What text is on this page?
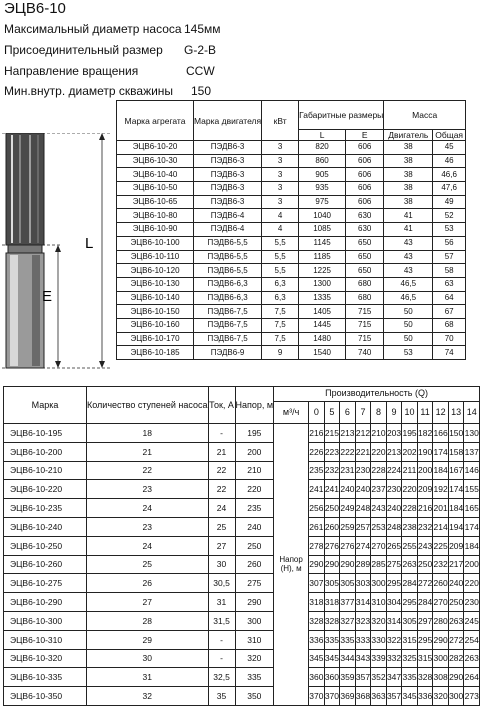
ЭЦВ6-10
Максимальный диаметр насоса 145мм
Присоединительный размер G-2-B
Направление вращения	CCW
Мин.внутр. диаметр скважины 150
L
E
Марка агрегата	Марка двигателя	кВт	Габаритные размеры		Масса	
			L	E	Двигатель	Общая
ЭЦВ6-10-20	ПЭДВ6-3	3	820	606	38	45
ЭЦВ6-10-30	ПЭДВ6-3	3	860	606	38	46
ЭЦВ6-10-40	ПЭДВ6-3	3	905	606	38	46,6
ЭЦВ6-10-50	ПЭДВ6-3	3	935	606	38	47,6
ЭЦВ6-10-65	ПЭДВ6-3	3	975	606	38	49
ЭЦВ6-10-80	ПЭДВ6-4	4	1040	630	41	52
ЭЦВ6-10-90	ПЭДВ6-4	4	1085	630	41	53
ЭЦВ6-10-100	ПЭДВ6-5,5	5,5	1145	650	43	56
ЭЦВ6-10-110	ПЭДВ6-5,5	5,5	1185	650	43	57
ЭЦВ6-10-120	ПЭДВ6-5,5	5,5	1225	650	43	58
ЭЦВ6-10-130	ПЭДВ6-6,3	6,3	1300	680	46,5	63
ЭЦВ6-10-140	ПЭДВ6-6,3	6,3	1335	680	46,5	64
ЭЦВ6-10-150	ПЭДВ6-7,5	7,5	1405	715	50	67
ЭЦВ6-10-160	ПЭДВ6-7,5	7,5	1445	715	50	68
ЭЦВ6-10-170	ПЭДВ6-7,5	7,5	1480	715	50	70
ЭЦВ6-10-185	ПЭДВ6-9	9	1540	740	53	74
Марка	Количество ступеней насоса	Ток, А	Напор, м	Производительность (Q)											
				м³/ч	0	5	6	7	8	9	10	11	12	13	14
ЭЦВ6-10-195	18	-	195	Напор (Н), м	216	215	213	212	210	203	195	182	166	150	130
ЭЦВ6-10-200	21	21	200		226	223	222	221	220	213	202	190	174	158	137
ЭЦВ6-10-210	22	22	210		235	232	231	230	228	224	211	200	184	167	146
ЭЦВ6-10-220	23	22	220		241	241	240	240	237	230	220	209	192	174	155
ЭЦВ6-10-235	24	24	235		256	250	249	248	243	240	228	216	201	184	165
ЭЦВ6-10-240	23	25	240		261	260	259	257	253	248	238	232	214	194	174
ЭЦВ6-10-250	24	27	250		278	276	276	274	270	265	255	243	225	209	184
ЭЦВ6-10-260	25	30	260		290	290	290	289	285	275	263	250	232	217	200
ЭЦВ6-10-275	26	30,5	275		307	305	305	303	300	295	284	272	260	240	220
ЭЦВ6-10-290	27	31	290		318	318	377	314	310	304	295	284	270	250	230
ЭЦВ6-10-300	28	31,5	300		328	328	327	323	320	314	305	297	280	263	245
ЭЦВ6-10-310	29	-	310		336	335	335	333	330	322	315	295	290	272	254
ЭЦВ6-10-320	30	-	320		345	345	344	343	339	332	325	315	300	282	263
ЭЦВ6-10-335	31	32,5	335		360	360	359	357	352	347	335	328	308	290	264
ЭЦВ6-10-350	32	35	350		370	370	369	368	363	357	345	336	320	300	273
